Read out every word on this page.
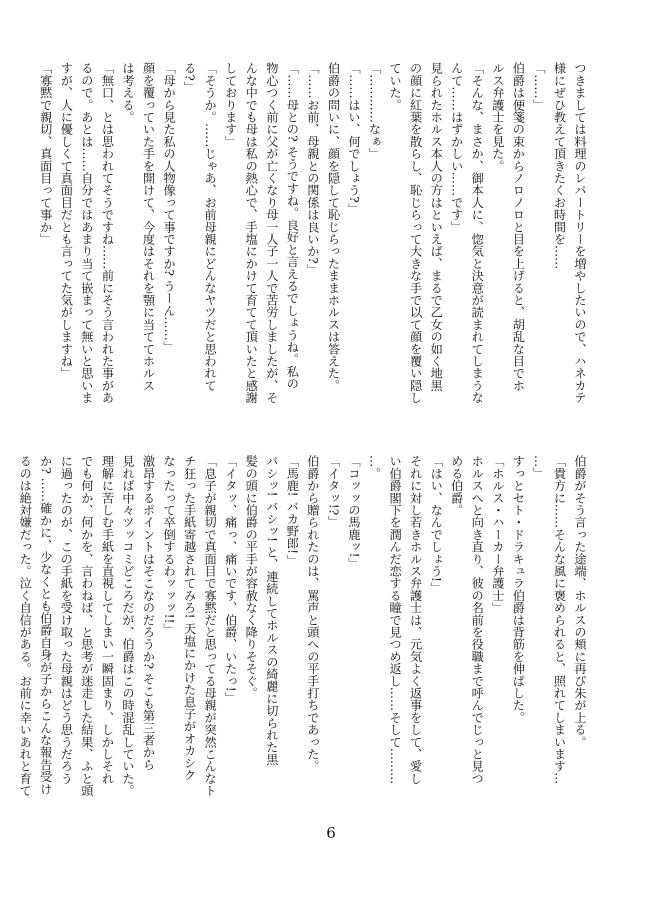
つきましては料理のレパートリーを増やしたいので、ハネカテ
様にぜひ教えて頂きたくお時間を……
「……」
伯爵は便箋の束からノロノロと目を上げると、胡乱な目でホ
ルス弁護士を見た。
「そんな、まさか、御本人に、惚気と決意が読まれてしまうな
んて……はずかしい……です」
見られたホルス本人の方はといえば、まるで乙女の如く地黒
の顔に紅葉を散らし、恥じらって大きな手で以て顔を覆い隠し
ていた。
「…………なぁ」
「……はい、何でしょう?」
伯爵の問いに、顔を隠して恥じらったままホルスは答えた。
「……お前、母親との関係は良いか?」
「……母との? そうですね。良好と言えるでしょうね。私の
物心つく前に父が亡くなり母一人子一人で苦労しましたが、そ
んな中でも母は私の熱心で、手塩にかけて育てて頂いたと感謝
しております」
「そうか。……じゃあ、お前母親にどんなヤツだと思われて
る?」
「母から見た私の人物像って事ですか? うーん……」
顔を覆っていた手を開けて、今度はそれを顎に当ててホルス
は考える。
「無口、とは思われてそうですね……前にそう言われた事があ
るので。あとは……自分ではあまり当て嵌まって無いと思いま
すが、人に優しくて真面目だとも言ってた気がしますね」
「寡黙で親切、真面目って事か」
伯爵がそう言った途端、ホルスの頬に再び朱が上る。
「貴方に……そんな風に褒められると、照れてしまいます…
…」
すっとセト・ドラキュラ伯爵は背筋を伸ばした。
「ホルス・ハーカー弁護士」
ホルスへと向き直り、彼の名前を役職まで呼んでじっと見つ
める伯爵。
「はい、なんでしょう!」
それに対し若きホルス弁護士は、元気よく返事をして、愛し
い伯爵閣下を潤んだ恋する瞳で見つめ返し……そして………
…。
「コッッの馬鹿ッ!」
「イタッ!?」
伯爵から贈られたのは、罵声と頭への平手打ちであった。
「馬鹿! バカ野郎!」
バシッ! バシッ! と、連続してホルスの綺麗に切られた黒
髪の頭に伯爵の平手が容赦なく降りそそぐ。
「イタッ、痛っ、痛いです、伯爵、いたっ!」
「息子が親切で真面目で寡黙だと思ってる母親が突然こんなト
チ狂った手紙寄越されてみろ! 天塩にかけた息子がオカシク
なったって卒倒するわッッッ!!」
激昂するポイントはそこなのだろうか? そこも第三者から
見れば中々ツッコミどころだが、伯爵はこの時混乱していた。
理解に苦しむ手紙を直視してしまい一瞬固まり、しかしそれ
でも何か、何かを、言わねば、と思考が迷走した結果、ふと頭
に過ったのが、この手紙を受け取った母親はどう思うだろう
か? ……確かに、少なくとも伯爵自身が子からこんな報告受け
るのは絶対嫌だった。泣く自信がある。お前に幸いあれと育て
6
